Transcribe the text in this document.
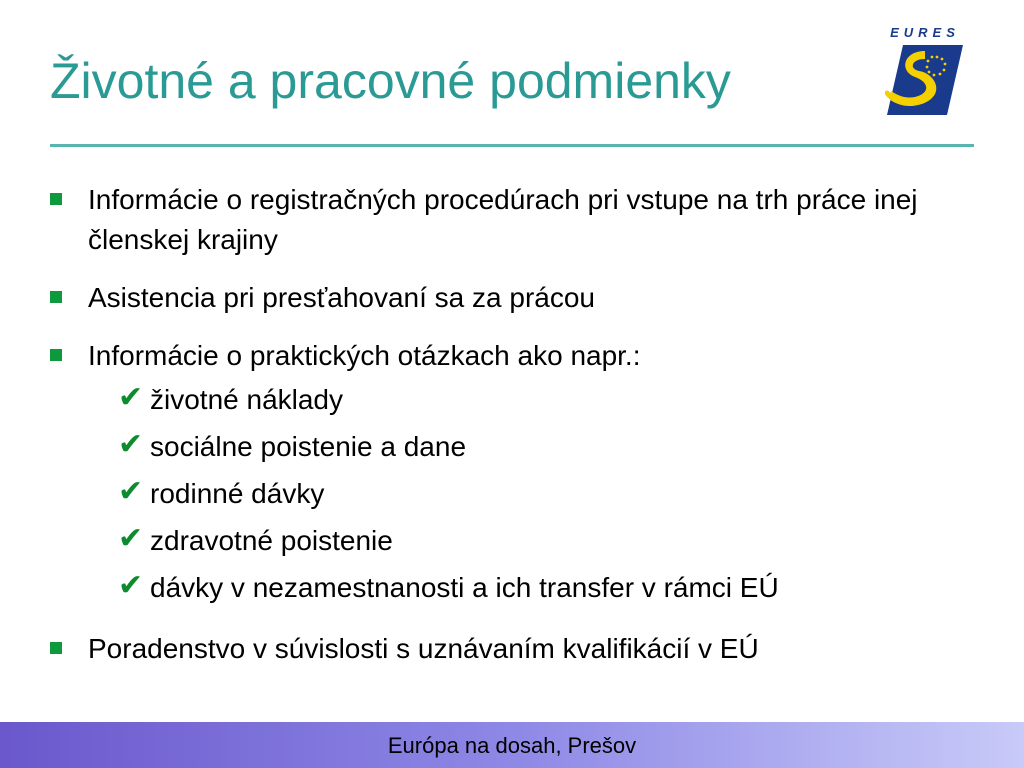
Životné a pracovné podmienky
EURES
Informácie o registračných procedúrach pri vstupe na trh práce inej členskej krajiny
Asistencia pri presťahovaní sa za prácou
Informácie o praktických otázkach ako napr.:
✔ životné náklady
✔ sociálne poistenie a dane
✔ rodinné dávky
✔ zdravotné poistenie
✔ dávky v nezamestnanosti a ich transfer v rámci EÚ
Poradenstvo v súvislosti s uznávaním kvalifikácií v EÚ
Európa na dosah, Prešov
